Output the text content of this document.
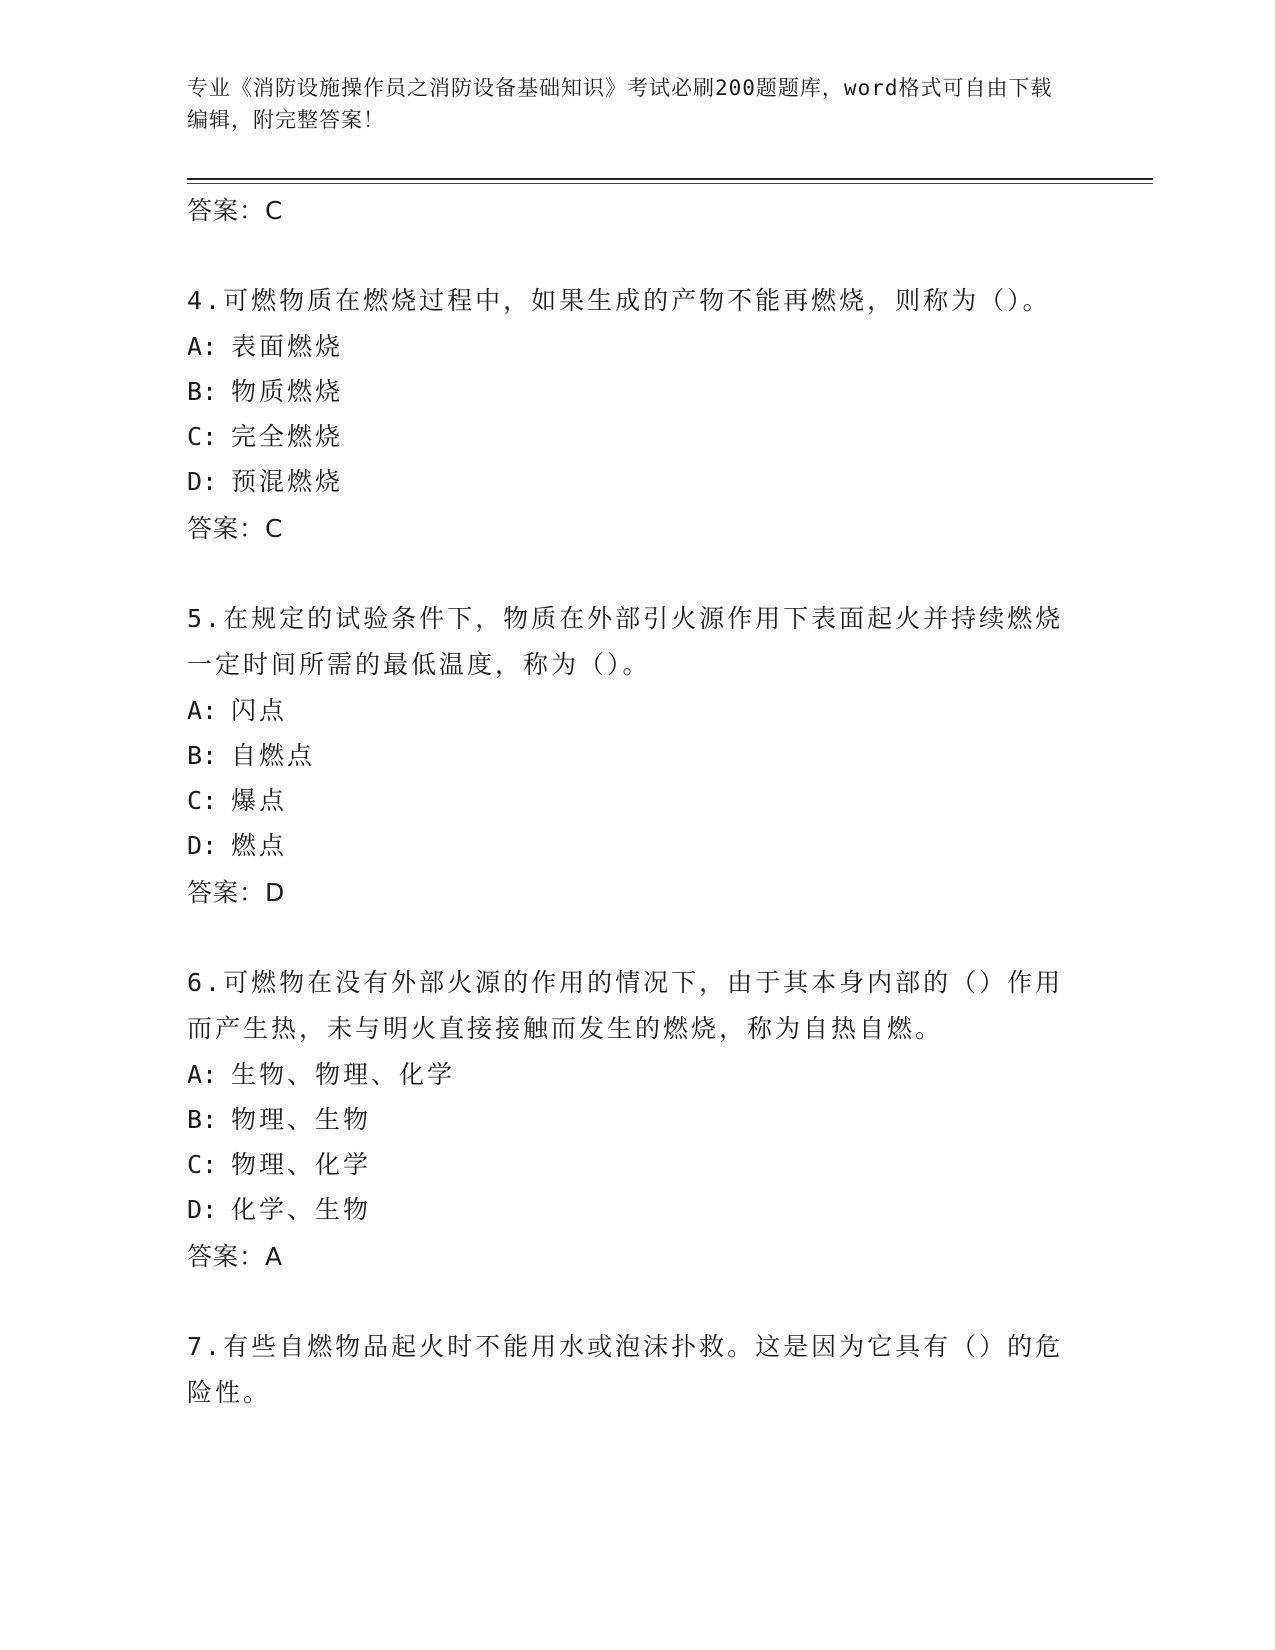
专业《消防设施操作员之消防设备基础知识》考试必刷200题题库，word格式可自由下载编辑，附完整答案！
答案：C
4.可燃物质在燃烧过程中，如果生成的产物不能再燃烧，则称为（）。
A: 表面燃烧
B: 物质燃烧
C: 完全燃烧
D: 预混燃烧
答案：C
5.在规定的试验条件下，物质在外部引火源作用下表面起火并持续燃烧一定时间所需的最低温度，称为（）。
A: 闪点
B: 自燃点
C: 爆点
D: 燃点
答案：D
6.可燃物在没有外部火源的作用的情况下，由于其本身内部的（）作用而产生热，未与明火直接接触而发生的燃烧，称为自热自燃。
A: 生物、物理、化学
B: 物理、生物
C: 物理、化学
D: 化学、生物
答案：A
7.有些自燃物品起火时不能用水或泡沫扑救。这是因为它具有（）的危险性。
